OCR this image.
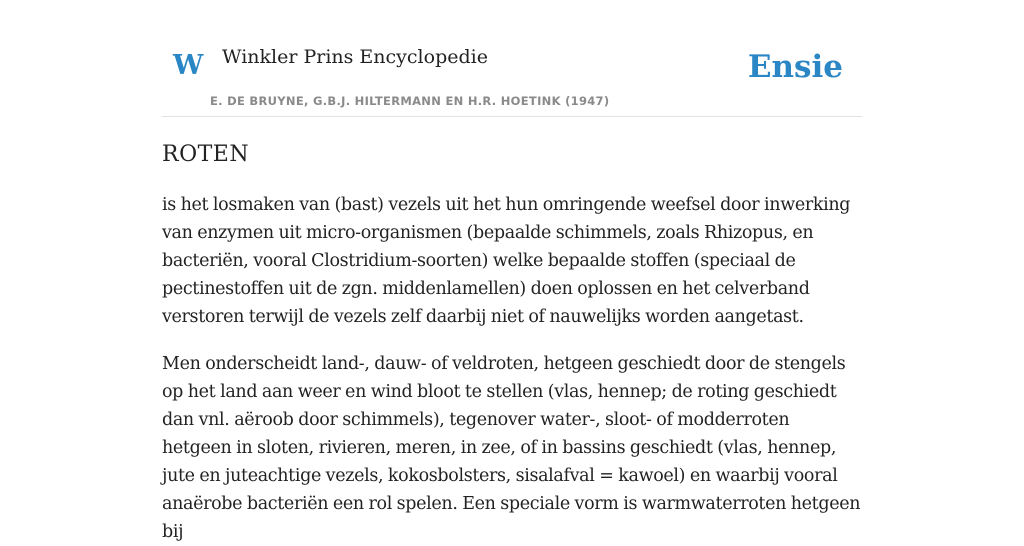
W Winkler Prins Encyclopedie
E. DE BRUYNE, G.B.J. HILTERMANN EN H.R. HOETINK (1947)
Ensie
ROTEN

is het losmaken van (bast) vezels uit het hun omringende weefsel door inwerking van enzymen uit micro-organismen (bepaalde schimmels, zoals Rhizopus, en bacteriën, vooral Clostridium-soorten) welke bepaalde stoffen (speciaal de pectinestoffen uit de zgn. middenlamellen) doen oplossen en het celverband verstoren terwijl de vezels zelf daarbij niet of nauwelijks worden aangetast.

Men onderscheidt land-, dauw- of veldroten, hetgeen geschiedt door de stengels op het land aan weer en wind bloot te stellen (vlas, hennep; de roting geschiedt dan vnl. aëroob door schimmels), tegenover water-, sloot- of modderroten hetgeen in sloten, rivieren, meren, in zee, of in bassins geschiedt (vlas, hennep, jute en juteachtige vezels, kokosbolsters, sisalafval = kawoel) en waarbij vooral anaërobe bacteriën een rol spelen. Een speciale vorm is warmwaterroten hetgeen bij
